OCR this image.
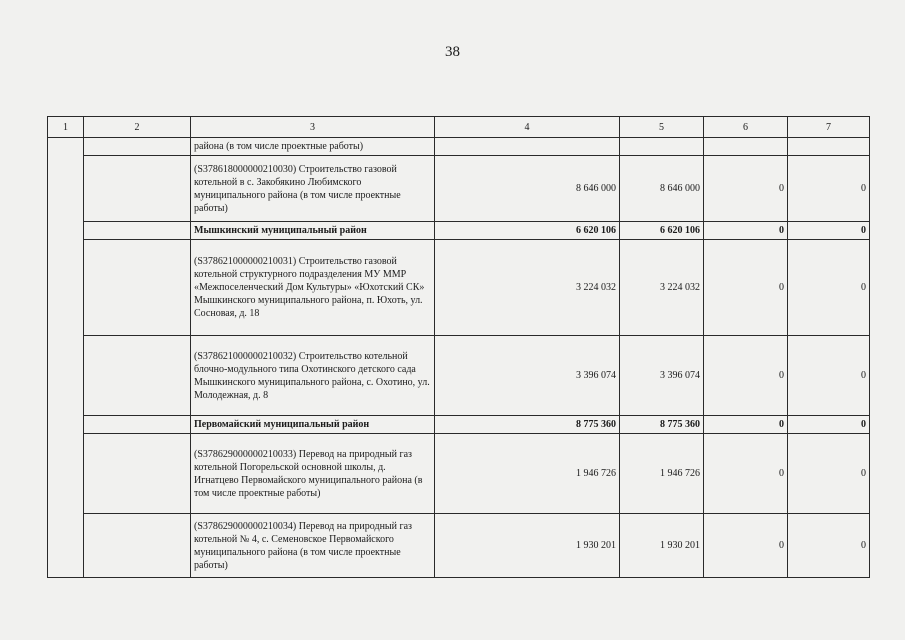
38
1	2	3	4	5	6	7
		района (в том числе проектные работы)				
		(S378618000000210030) Строительство газовой котельной в с. Закобякино Любимского муниципального района (в том числе проектные работы)	8 646 000	8 646 000	0	0
		Мышкинский муниципальный район	6 620 106	6 620 106	0	0
		(S378621000000210031) Строительство газовой котельной структурного подразделения МУ ММР «Межпоселенческий Дом Культуры» «Юхотский СК» Мышкинского муниципального района, п. Юхоть, ул. Сосновая, д. 18	3 224 032	3 224 032	0	0
		(S378621000000210032) Строительство котельной блочно-модульного типа Охотинского детского сада Мышкинского муниципального района, с. Охотино, ул. Молодежная, д. 8	3 396 074	3 396 074	0	0
		Первомайский муниципальный район	8 775 360	8 775 360	0	0
		(S378629000000210033) Перевод на природный газ котельной Погорельской основной школы, д. Игнатцево Первомайского муниципального района (в том числе проектные работы)	1 946 726	1 946 726	0	0
		(S378629000000210034) Перевод на природный газ котельной № 4, с. Семеновское Первомайского муниципального района (в том числе проектные работы)	1 930 201	1 930 201	0	0
